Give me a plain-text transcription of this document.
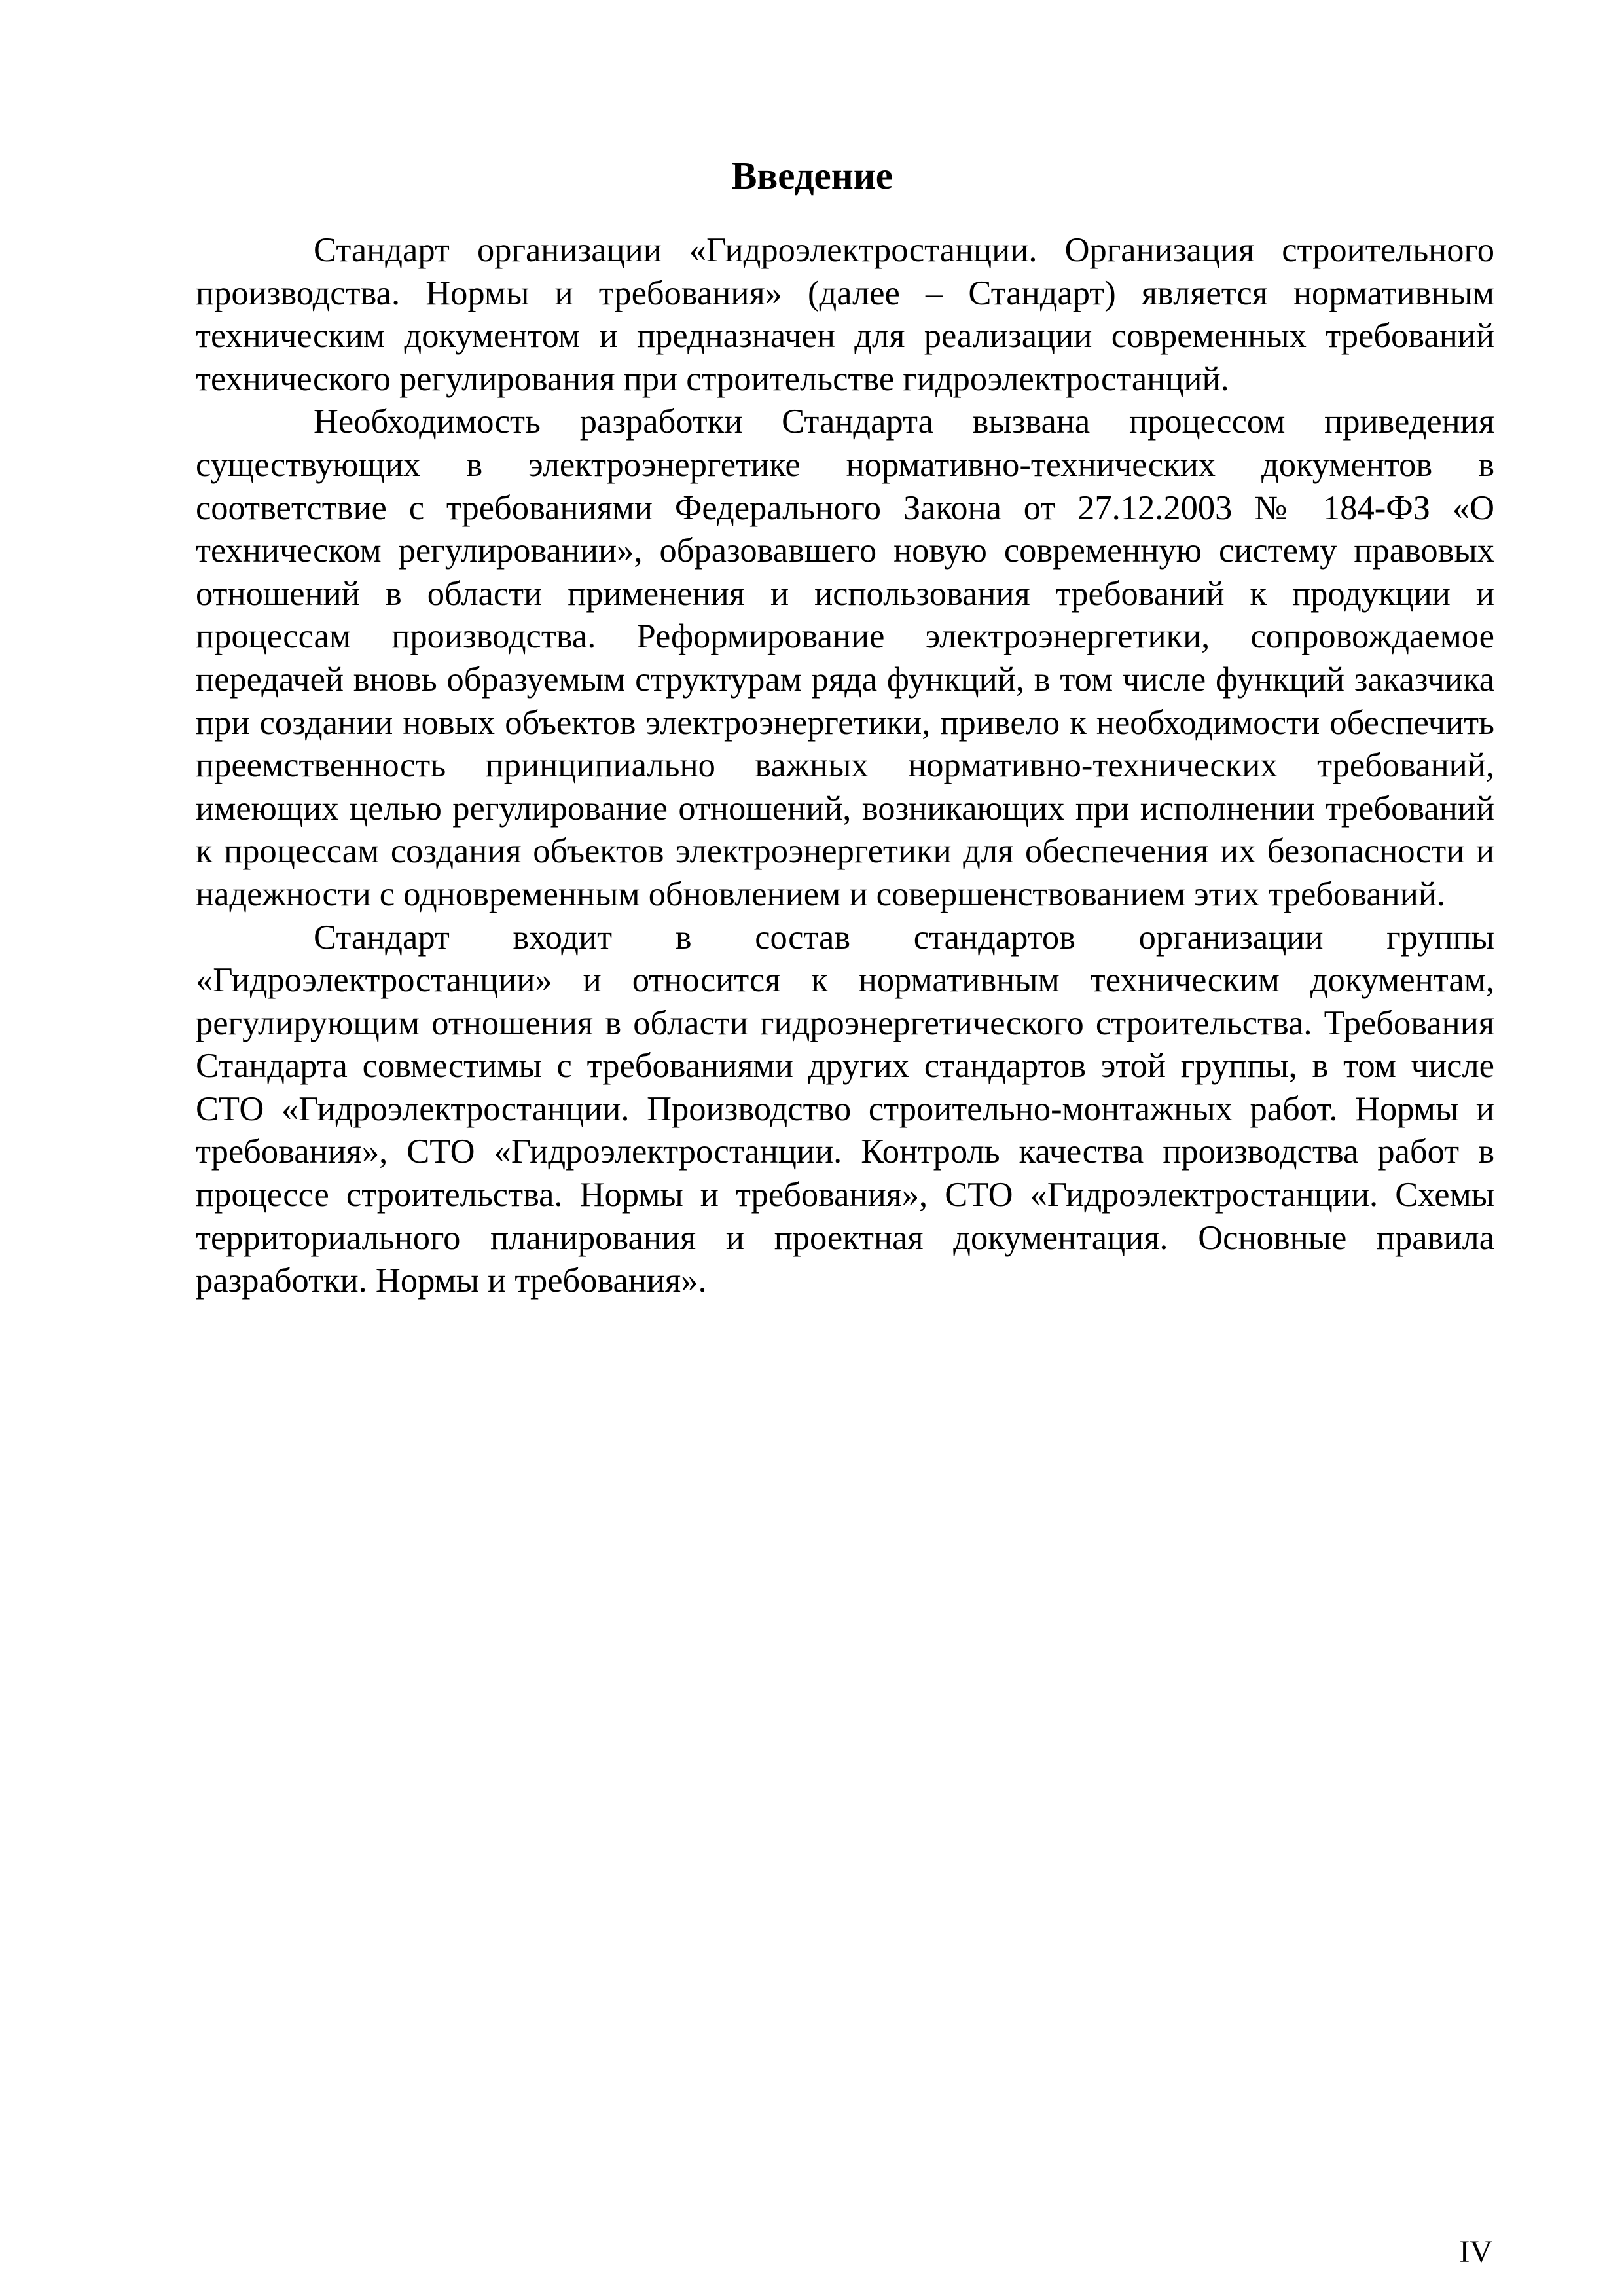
Введение

Стандарт организации «Гидроэлектростанции. Организация строительного производства. Нормы и требования» (далее – Стандарт) является нормативным техническим документом и предназначен для реализации современных требований технического регулирования при строительстве гидроэлектростанций.

Необходимость разработки Стандарта вызвана процессом приведения существующих в электроэнергетике нормативно-технических документов в соответствие с требованиями Федерального Закона от 27.12.2003 № 184-ФЗ «О техническом регулировании», образовавшего новую современную систему правовых отношений в области применения и использования требований к продукции и процессам производства. Реформирование электроэнергетики, сопровождаемое передачей вновь образуемым структурам ряда функций, в том числе функций заказчика при создании новых объектов электроэнергетики, привело к необходимости обеспечить преемственность принципиально важных нормативно-технических требований, имеющих целью регулирование отношений, возникающих при исполнении требований к процессам создания объектов электроэнергетики для обеспечения их безопасности и надежности с одновременным обновлением и совершенствованием этих требований.

Стандарт входит в состав стандартов организации группы «Гидроэлектростанции» и относится к нормативным техническим документам, регулирующим отношения в области гидроэнергетического строительства. Требования Стандарта совместимы с требованиями других стандартов этой группы, в том числе СТО «Гидроэлектростанции. Производство строительно-монтажных работ. Нормы и требования», СТО «Гидроэлектростанции. Контроль качества производства работ в процессе строительства. Нормы и требования», СТО «Гидроэлектростанции. Схемы территориального планирования и проектная документация. Основные правила разработки. Нормы и требования».

IV
